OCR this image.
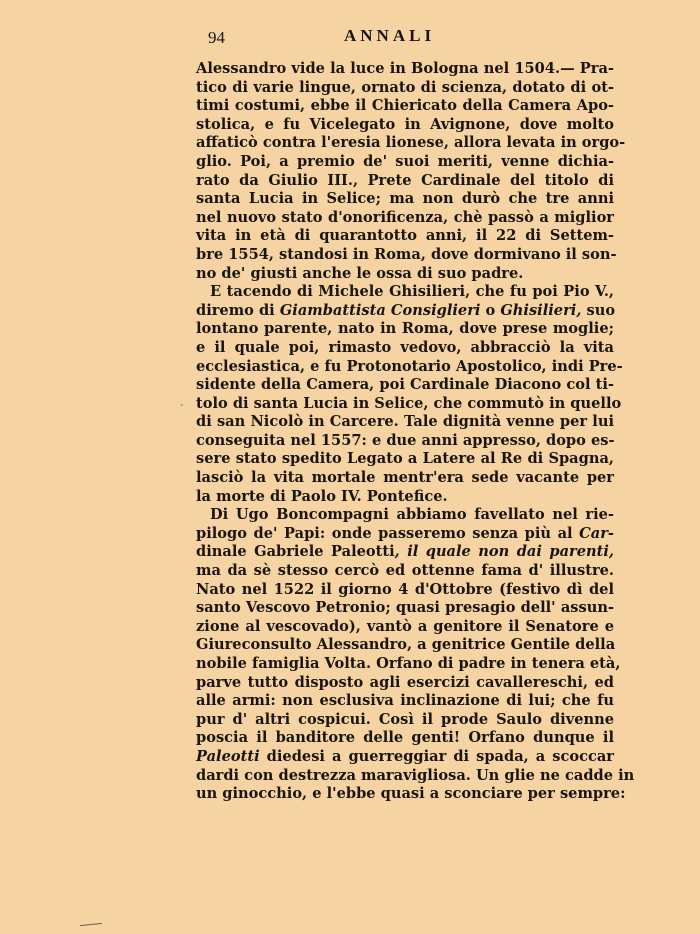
94	ANNALI
Alessandro vide la luce in Bologna nel 1504.— Pra-
tico di varie lingue, ornato di scienza, dotato di ot-
timi costumi, ebbe il Chiericato della Camera Apo-
stolica, e fu Vicelegato in Avignone, dove molto
affaticò contra l'eresia lionese, allora levata in orgo-
glio. Poi, a premio de' suoi meriti, venne dichia-
rato da Giulio III., Prete Cardinale del titolo di
santa Lucia in Selice; ma non durò che tre anni
nel nuovo stato d'onorificenza, chè passò a miglior
vita in età di quarantotto anni, il 22 di Settem-
bre 1554, standosi in Roma, dove dormivano il son-
no de' giusti anche le ossa di suo padre.
E tacendo di Michele Ghisilieri, che fu poi Pio V.,
diremo di Giambattista Consiglieri o Ghisilieri, suo
lontano parente, nato in Roma, dove prese moglie;
e il quale poi, rimasto vedovo, abbracciò la vita
ecclesiastica, e fu Protonotario Apostolico, indi Pre-
sidente della Camera, poi Cardinale Diacono col ti-
tolo di santa Lucia in Selice, che commutò in quello
di san Nicolò in Carcere. Tale dignità venne per lui
conseguita nel 1557: e due anni appresso, dopo es-
sere stato spedito Legato a Latere al Re di Spagna,
lasciò la vita mortale mentr'era sede vacante per
la morte di Paolo IV. Pontefice.
Di Ugo Boncompagni abbiamo favellato nel rie-
pilogo de' Papi: onde passeremo senza più al Car-
dinale Gabriele Paleotti, il quale non dai parenti,
ma da sè stesso cercò ed ottenne fama d' illustre.
Nato nel 1522 il giorno 4 d'Ottobre (festivo dì del
santo Vescovo Petronio; quasi presagio dell' assun-
zione al vescovado), vantò a genitore il Senatore e
Giureconsulto Alessandro, a genitrice Gentile della
nobile famiglia Volta. Orfano di padre in tenera età,
parve tutto disposto agli esercizi cavallereschi, ed
alle armi: non esclusiva inclinazione di lui; che fu
pur d' altri cospicui. Così il prode Saulo divenne
poscia il banditore delle genti! Orfano dunque il
Paleotti diedesi a guerreggiar di spada, a scoccar
dardi con destrezza maravigliosa. Un glie ne cadde in
un ginocchio, e l'ebbe quasi a sconciare per sempre:
-
